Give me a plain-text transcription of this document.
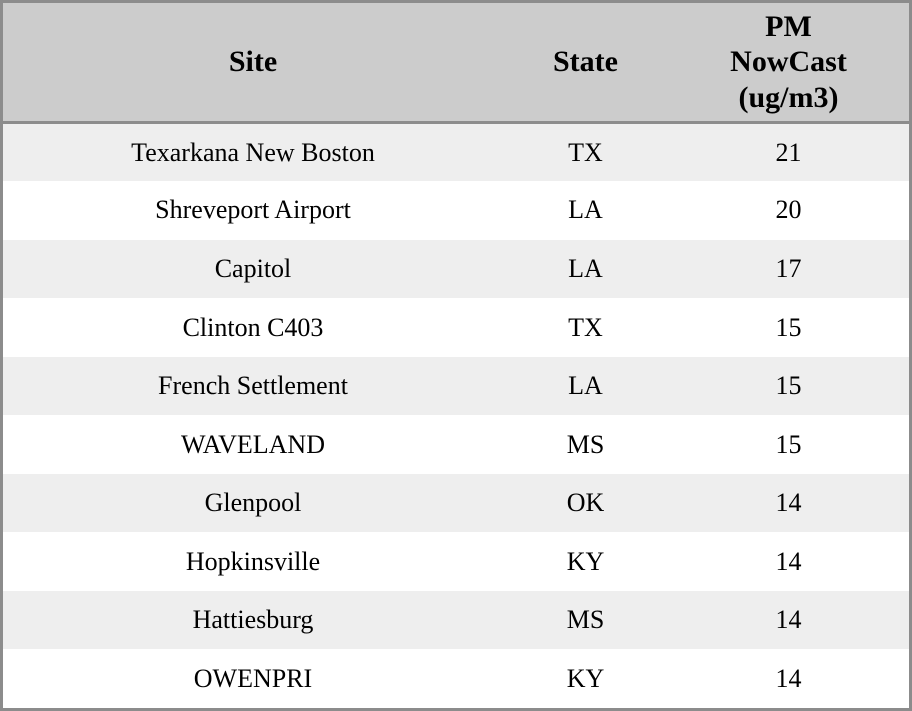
Site	State	PM
NowCast
(ug/m3)

Texarkana New Boston	TX	21
Shreveport Airport	LA	20
Capitol	LA	17
Clinton C403	TX	15
French Settlement	LA	15
WAVELAND	MS	15
Glenpool	OK	14
Hopkinsville	KY	14
Hattiesburg	MS	14
OWENPRI	KY	14
